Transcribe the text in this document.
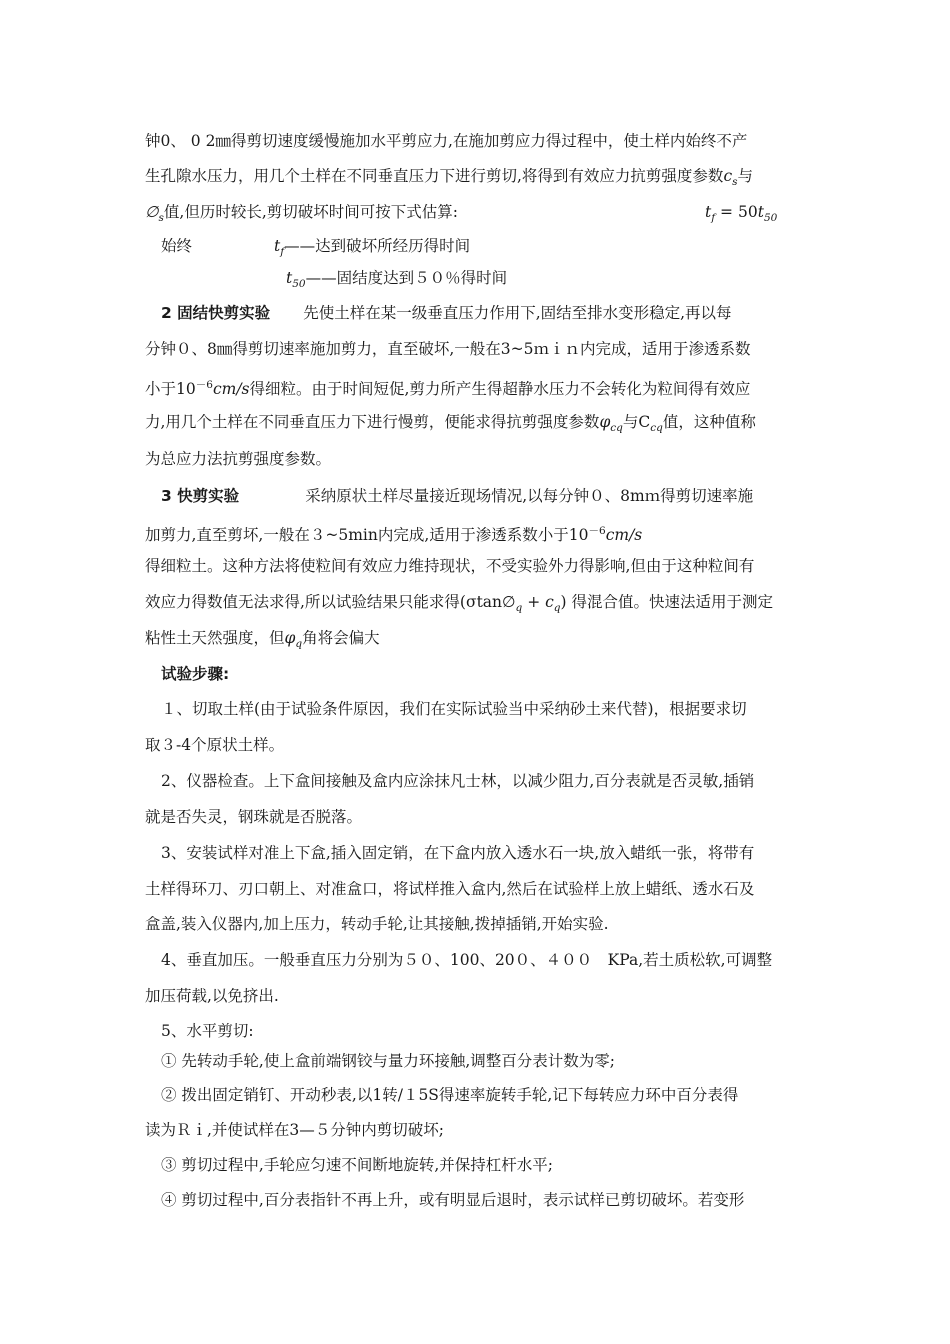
钟0、 0 2㎜得剪切速度缓慢施加水平剪应力,在施加剪应力得过程中，使土样内始终不产
生孔隙水压力，用几个土样在不同垂直压力下进行剪切,将得到有效应力抗剪强度参数$c_s$与
$\emptyset_s$值,但历时较长,剪切破坏时间可按下式估算:	$t_f = 50t_{50}$
始终	$t_f——$达到破坏所经历得时间
$t_{50}——$固结度达到５０％得时间
2 固结快剪实验 先使土样在某一级垂直压力作用下,固结至排水变形稳定,再以每
分钟０、8㎜得剪切速率施加剪力，直至破坏,一般在3~5ｍｉｎ内完成，适用于渗透系数
小于$10^{-6}cm/s$得细粒。由于时间短促,剪力所产生得超静水压力不会转化为粒间得有效应
力,用几个土样在不同垂直压力下进行慢剪，便能求得抗剪强度参数$\varphi_{cq}$与$C_{cq}$值，这种值称
为总应力法抗剪强度参数。
3 快剪实验	采纳原状土样尽量接近现场情况,以每分钟０、8mｍ得剪切速率施
加剪力,直至剪坏,一般在３~5min内完成,适用于渗透系数小于$10^{-6}cm/s$
得细粒土。这种方法将使粒间有效应力维持现状，不受实验外力得影响,但由于这种粒间有
效应力得数值无法求得,所以试验结果只能求得$(\sigma\tan\emptyset_q + c_q)$ 得混合值。快速法适用于测定
粘性土天然强度，但$\varphi_q$角将会偏大
试验步骤:
１、切取土样(由于试验条件原因，我们在实际试验当中采纳砂土来代替)，根据要求切
取３-4个原状土样。
2、仪器检查。上下盒间接触及盒内应涂抹凡士林，以减少阻力,百分表就是否灵敏,插销
就是否失灵，钢珠就是否脱落。
3、安装试样对准上下盒,插入固定销，在下盒内放入透水石一块,放入蜡纸一张，将带有
土样得环刀、刃口朝上、对准盒口，将试样推入盒内,然后在试验样上放上蜡纸、透水石及
盒盖,装入仪器内,加上压力，转动手轮,让其接触,拨掉插销,开始实验.
4、垂直加压。一般垂直压力分别为５０、100、20０、４００　KPa,若土质松软,可调整
加压荷载,以免挤出.
5、水平剪切:
① 先转动手轮,使上盒前端钢铰与量力环接触,调整百分表计数为零;
② 拨出固定销钉、开动秒表,以1转/１5S得速率旋转手轮,记下每转应力环中百分表得
读为Ｒｉ,并使试样在3—５分钟内剪切破坏;
③ 剪切过程中,手轮应匀速不间断地旋转,并保持杠杆水平;
④ 剪切过程中,百分表指针不再上升，或有明显后退时，表示试样已剪切破坏。若变形
